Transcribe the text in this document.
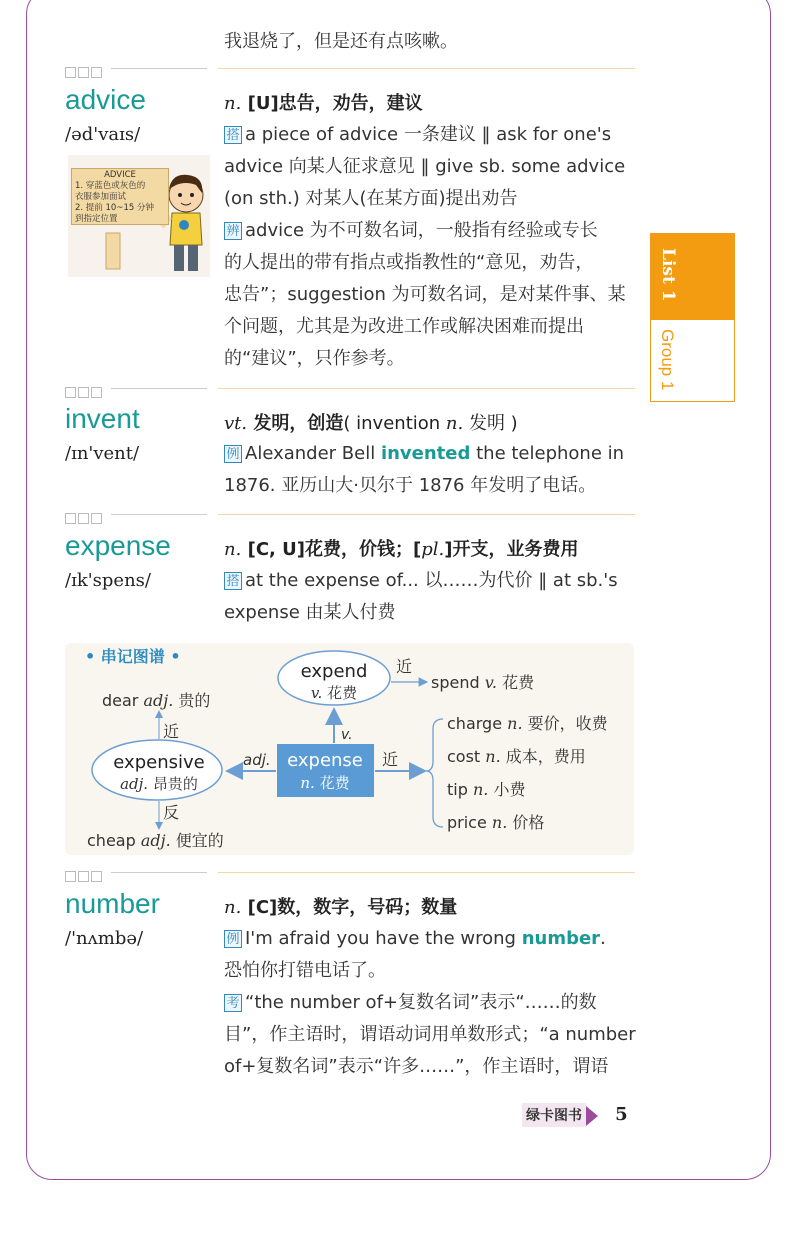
我退烧了，但是还有点咳嗽。
advice
/əd'vaɪs/
n. [U]忠告，劝告，建议
搭 a piece of advice 一条建议 ‖ ask for one's
advice 向某人征求意见 ‖ give sb. some advice
(on sth.) 对某人(在某方面)提出劝告
辨 advice 为不可数名词，一般指有经验或专长
的人提出的带有指点或指教性的“意见，劝告，
忠告”；suggestion 为可数名词，是对某件事、某
个问题，尤其是为改进工作或解决困难而提出
的“建议”，只作参考。
ADVICE
1. 穿蓝色或灰色的
衣服参加面试
2. 提前 10~15 分钟
到指定位置
invent
/ɪn'vent/
vt. 发明，创造( invention n. 发明 )
例 Alexander Bell invented the telephone in
1876. 亚历山大·贝尔于 1876 年发明了电话。
expense
/ɪk'spens/
n. [C, U]花费，价钱；[pl.]开支，业务费用
搭 at the expense of... 以……为代价 ‖ at sb.'s
expense 由某人付费
• 串记图谱 •
expend
v. 花费
近
spend v. 花费
v.
expense
n. 花费
adj.	近
expensive
adj. 昂贵的
近
dear adj. 贵的
反
cheap adj. 便宜的
charge n. 要价，收费
cost n. 成本，费用
tip n. 小费
price n. 价格
number
/'nʌmbə/
n. [C]数，数字，号码；数量
例 I'm afraid you have the wrong number.
恐怕你打错电话了。
考 “the number of+复数名词”表示“……的数
目”，作主语时，谓语动词用单数形式；“a number
of+复数名词”表示“许多……”，作主语时，谓语
List 1
Group 1
绿卡图书 5
